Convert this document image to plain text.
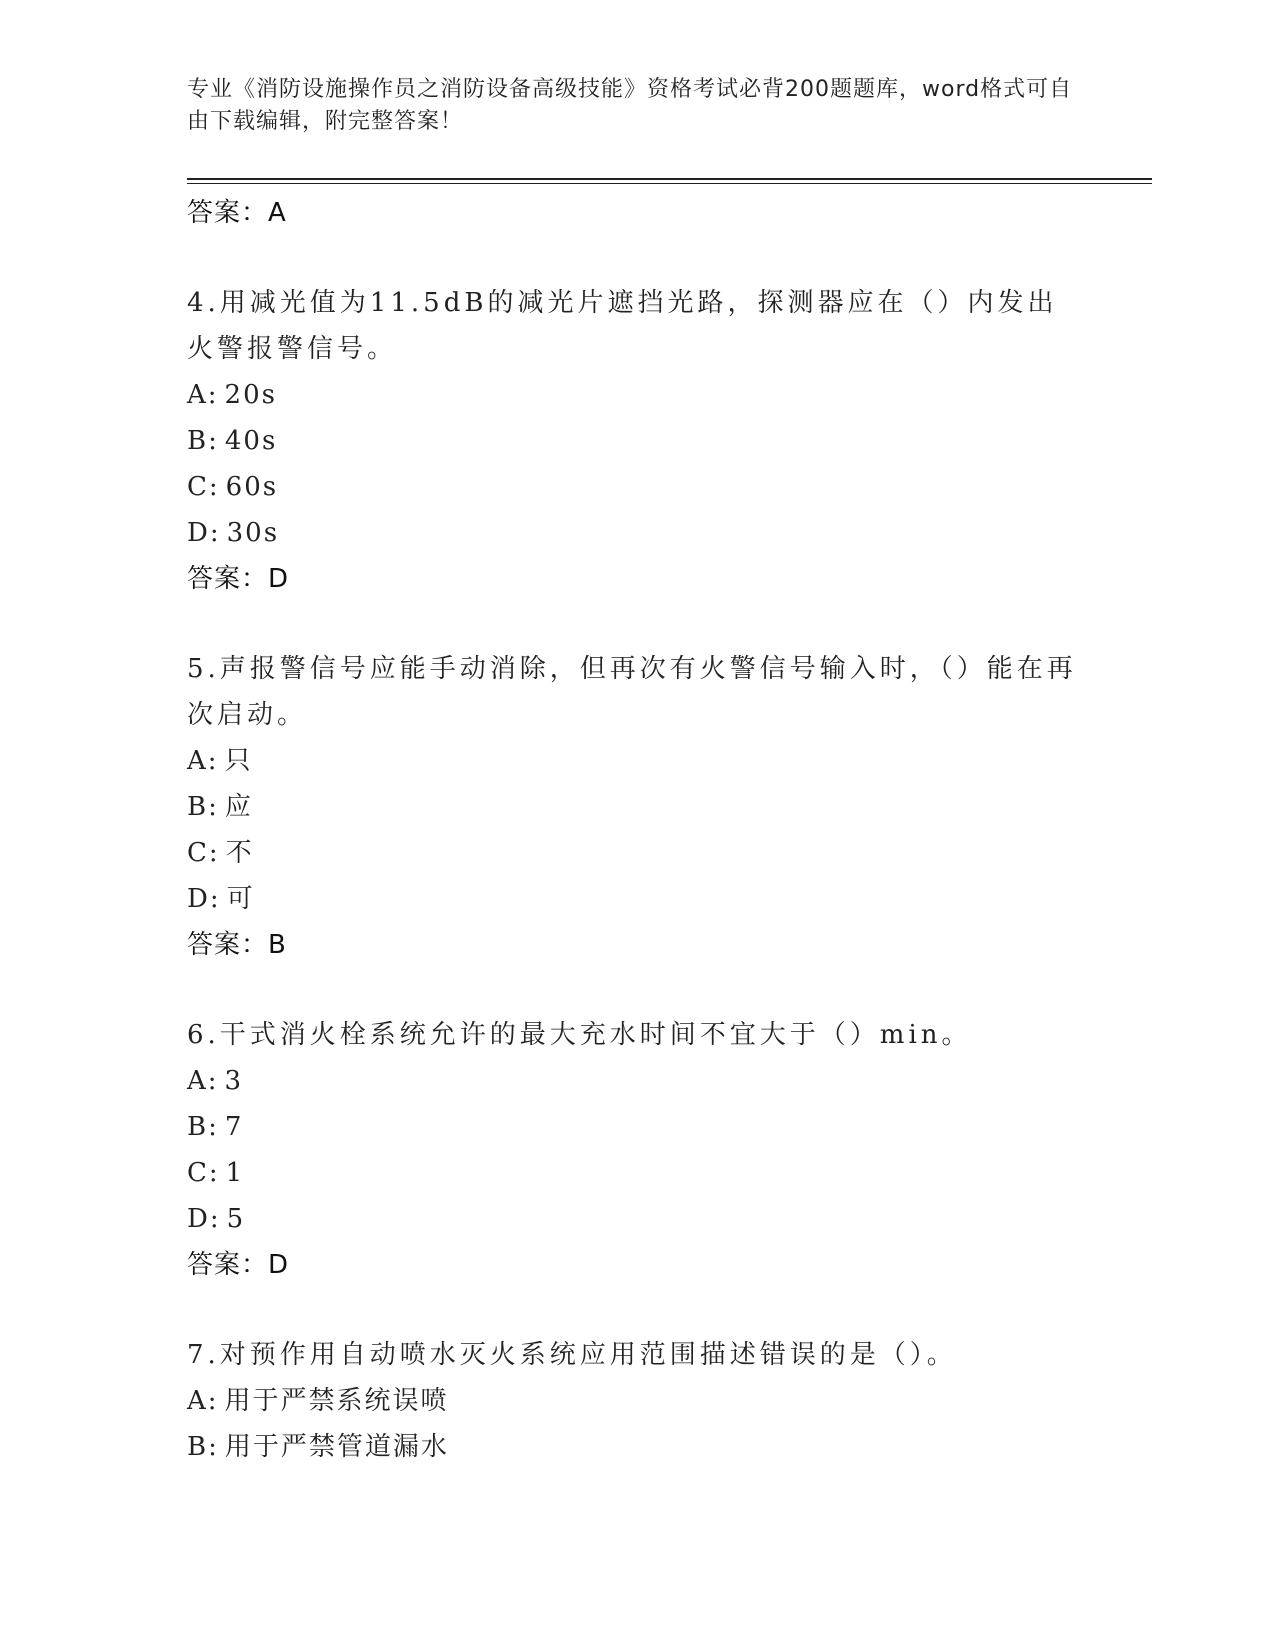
专业《消防设施操作员之消防设备高级技能》资格考试必背200题题库，word格式可自由下载编辑，附完整答案！
答案：A
4.用减光值为11.5dB的减光片遮挡光路，探测器应在（）内发出火警报警信号。
A: 20s
B: 40s
C: 60s
D: 30s
答案：D
5.声报警信号应能手动消除，但再次有火警信号输入时，（）能在再次启动。
A: 只
B: 应
C: 不
D: 可
答案：B
6.干式消火栓系统允许的最大充水时间不宜大于（）min。
A: 3
B: 7
C: 1
D: 5
答案：D
7.对预作用自动喷水灭火系统应用范围描述错误的是（）。
A: 用于严禁系统误喷
B: 用于严禁管道漏水
